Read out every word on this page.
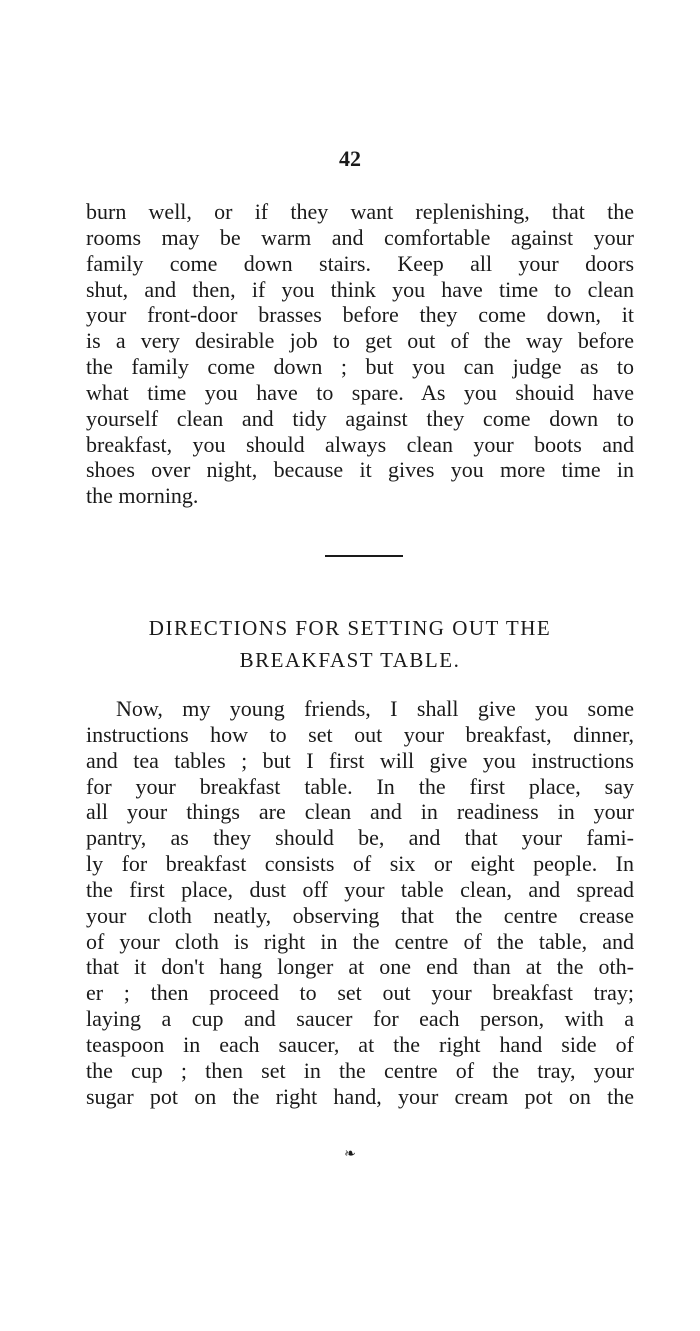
42
burn well, or if they want replenishing, that the
rooms may be warm and comfortable against your
family come down stairs. Keep all your doors
shut, and then, if you think you have time to clean
your front-door brasses before they come down, it
is a very desirable job to get out of the way before
the family come down ; but you can judge as to
what time you have to spare. As you shouid have
yourself clean and tidy against they come down to
breakfast, you should always clean your boots and
shoes over night, because it gives you more time in
the morning.
DIRECTIONS FOR SETTING OUT THE
BREAKFAST TABLE.
Now, my young friends, I shall give you some
instructions how to set out your breakfast, dinner,
and tea tables ; but I first will give you instructions
for your breakfast table. In the first place, say
all your things are clean and in readiness in your
pantry, as they should be, and that your fami-
ly for breakfast consists of six or eight people. In
the first place, dust off your table clean, and spread
your cloth neatly, observing that the centre crease
of your cloth is right in the centre of the table, and
that it don't hang longer at one end than at the oth-
er ; then proceed to set out your breakfast tray;
laying a cup and saucer for each person, with a
teaspoon in each saucer, at the right hand side of
the cup ; then set in the centre of the tray, your
sugar pot on the right hand, your cream pot on the
❧
